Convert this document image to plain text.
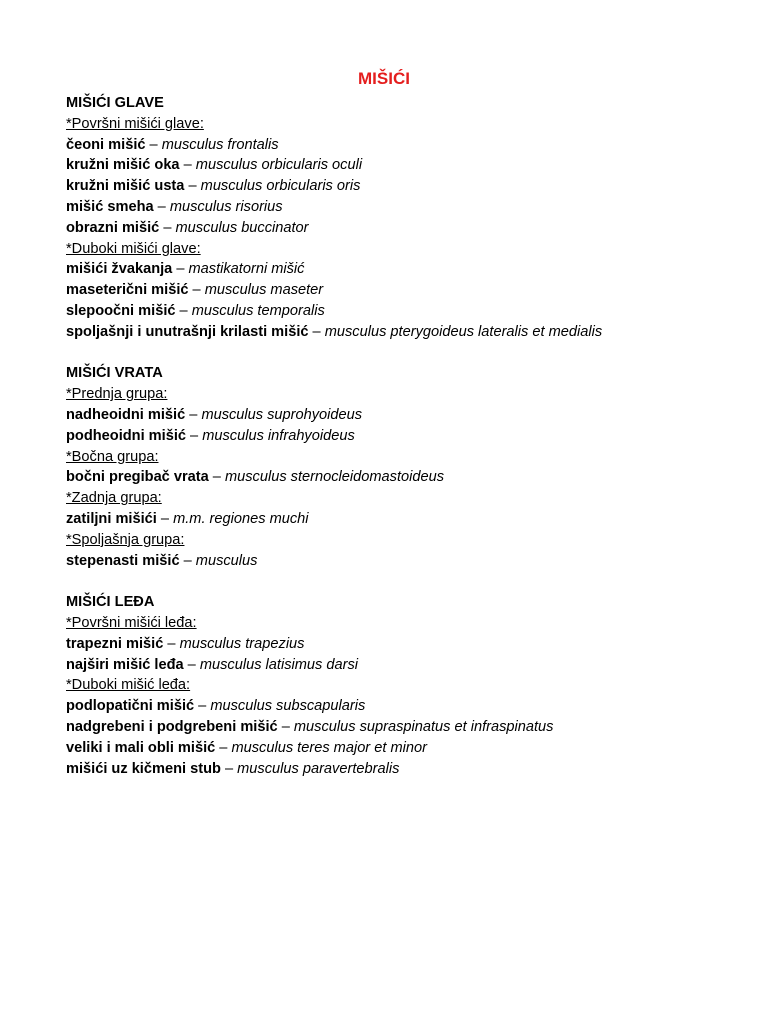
MIŠIĆI
MIŠIĆI GLAVE
*Površni mišići glave:
čeoni mišić – musculus frontalis
kružni mišić oka – musculus orbicularis oculi
kružni mišić usta – musculus orbicularis oris
mišić smeha – musculus risorius
obrazni mišić – musculus buccinator
*Duboki mišići glave:
mišići žvakanja – mastikatorni mišić
maseterični mišić – musculus maseter
slepoočni mišić – musculus temporalis
spoljašnji i unutrašnji krilasti mišić – musculus pterygoideus lateralis et medialis
MIŠIĆI VRATA
*Prednja grupa:
nadheoidni mišić – musculus suprohyoideus
podheoidni mišić – musculus infrahyoideus
*Bočna grupa:
bočni pregibač vrata – musculus sternocleidomastoideus
*Zadnja grupa:
zatiljni mišići – m.m. regiones muchi
*Spoljašnja grupa:
stepenasti mišić – musculus
MIŠIĆI LEĐA
*Površni mišići leđa:
trapezni mišić – musculus trapezius
najširi mišić leđa – musculus latisimus darsi
*Duboki mišić leđa:
podlopatični mišić – musculus subscapularis
nadgrebeni i podgrebeni mišić – musculus supraspinatus et infraspinatus
veliki i mali obli mišić – musculus teres major et minor
mišići uz kičmeni stub – musculus paravertebralis
